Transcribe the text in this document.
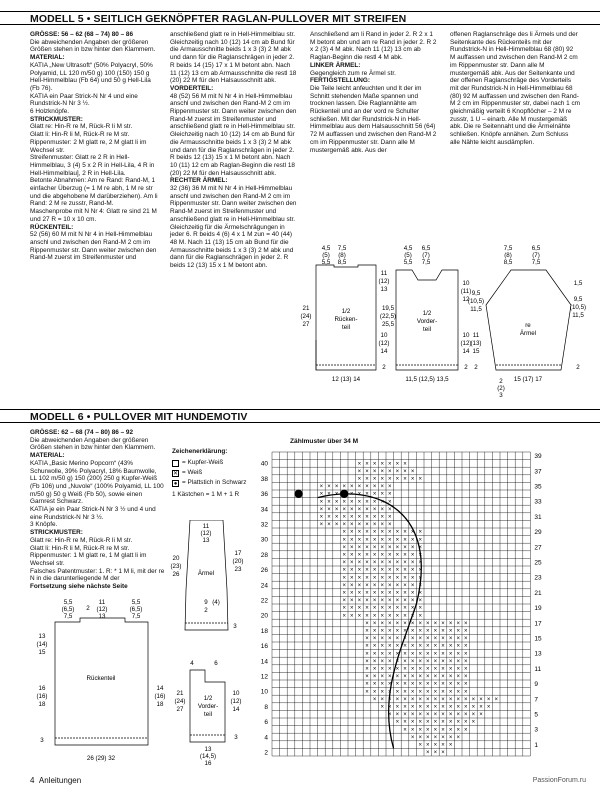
MODELL 5 • SEITLICH GEKNÖPFTER RAGLAN-PULLOVER MIT STREIFEN

GRÖSSE: 56 – 62 (68 – 74) 80 – 86

Die abweichenden Angaben der größeren Größen stehen in bzw hinter den Klammern.

MATERIAL:

KATIA „New Ultrasoft“ (50% Polyacryl, 50% Polyamid, LL 120 m/50 g) 100 (150) 150 g Hell-Himmelblau (Fb 64) und 50 g Hell-Lila (Fb 76).

KATIA ein Paar Strick-N Nr 4 und eine Rundstrick-N Nr 3 ½.

6 Holzknöpfe.

STRICKMUSTER:

Glatt re: Hin-R re M, Rück-R li M str.

Glatt li: Hin-R li M, Rück-R re M str.

Rippenmuster: 2 M glatt re, 2 M glatt li im Wechsel str.

Streifenmuster: Glatt re 2 R in Hell-Himmelblau, 3 (4) 5 x 2 R in Hell-Lila, 4 R in Hell-Himmelblau], 2 R in Hell-Lila.

Betonte Abnahmen: Am re Rand: Rand-M, 1 einfacher Überzug (= 1 M re abh, 1 M re str und die abgehobene M darüberziehen). Am li Rand: 2 M re zusstr, Rand-M.

Maschenprobe mit N Nr 4: Glatt re sind 21 M und 27 R = 10 x 10 cm.

RÜCKENTEIL:

52 (56) 60 M mit N Nr 4 in Hell-Himmelblau anschl und zwischen den Rand-M 2 cm im Rippenmuster str. Dann weiter zwischen den Rand-M zuerst im Streifenmuster und

anschließend glatt re in Hell-Himmelblau str. Gleichzeitig nach 10 (12) 14 cm ab Bund für die Armausschnitte beids 1 x 3 (3) 2 M abk und dann für die Raglanschrägen in jeder 2. R beids 14 (15) 17 x 1 M betont abn. Nach 11 (12) 13 cm ab Armausschnitte die restl 18 (20) 22 M für den Halsausschnitt abk.

VORDERTEIL:

48 (52) 56 M mit N Nr 4 in Hell-Himmelblau anschl und zwischen den Rand-M 2 cm im Rippenmuster str. Dann weiter zwischen den Rand-M zuerst im Streifenmuster und anschließend glatt re in Hell-Himmelblau str. Gleichzeitig nach 10 (12) 14 cm ab Bund für die Armausschnitte beids 1 x 3 (3) 2 M abk und dann für die Raglanschrägen in jeder 2. R beids 12 (13) 15 x 1 M betont abn. Nach 10 (11) 12 cm ab Raglan-Beginn die restl 18 (20) 22 M für den Halsausschnitt abk.

RECHTER ÄRMEL:

32 (36) 36 M mit N Nr 4 in Hell-Himmelblau anschl und zwischen den Rand-M 2 cm im Rippenmuster str. Dann weiter zwischen den Rand-M zuerst im Streifenmuster und anschließend glatt re in Hell-Himmelblau str. Gleichzeitig für die Ärmelschrägungen in jeder 6. R beids 4 (6) 4 x 1 M zun = 40 (44) 48 M. Nach 11 (13) 15 cm ab Bund für die Armausschnitte beids 1 x 3 (3) 2 M abk und dann für die Raglanschrägen in jeder 2. R beids 12 (13) 15 x 1 M betont abn.

Anschließend am li Rand in jeder 2. R 2 x 1 M betont abn und am re Rand in jeder 2. R 2 x 2 (3) 4 M abk. Nach 11 (12) 13 cm ab Raglan-Beginn die restl 4 M abk.

LINKER ÄRMEL:

Gegengleich zum re Ärmel str.

FERTIGSTELLUNG:

Die Teile leicht anfeuchten und lt der im Schnitt stehenden Maße spannen und trocknen lassen. Die Raglannähte am Rückenteil und an der vord re Schulter schließen. Mit der Rundstrick-N in Hell-Himmelblau aus dem Halsausschnitt 56 (64) 72 M auffassen und zwischen den Rand-M 2 cm im Rippenmuster str. Dann alle M mustergemäß abk. Aus der

offenen Raglanschräge des li Ärmels und der Seitenkante des Rückenteils mit der Rundstrick-N in Hell-Himmelblau 68 (80) 92 M auffassen und zwischen den Rand-M 2 cm im Rippenmuster str. Dann alle M mustergemäß abk. Aus der Seitenkante und der offenen Raglanschräge des Vorderteils mit der Rundstrick-N in Hell-Himmelblau 68 (80) 92 M auffassen und zwischen den Rand-M 2 cm im Rippenmuster str, dabei nach 1 cm gleichmäßig verteilt 6 Knopflöcher – 2 M re zusstr, 1 U – einarb. Alle M mustergemäß abk. Die re Seitennaht und die Ärmelnähte schließen. Knöpfe annähen. Zum Schluss alle Nähte leicht ausdämpfen.

1/2
Rücken-
teil
21
(24)
27
11
(12)
13
10
(12)
14
2
12 (13) 14
4,5
(5)
5,5
7,5
(8)
8,5
1/2
Vorder-
teil
19,5
(22,5)
25,5
10
(11)
12
10
(12)
14
2
11,5 (12,5) 13,5
4,5
(5)
5,5
6,5
(7)
7,5
re
Ärmel
9,5
(10,5)
11,5
11
(13)
15
2
7,5
(8)
8,5
6,5
(7)
7,5
1,5
9,5
(10,5)
11,5
2
15 (17) 17
2
(2)
3
MODELL 6 • PULLOVER MIT HUNDEMOTIV

GRÖSSE: 62 – 68 (74 – 80) 86 – 92

Die abweichenden Angaben der größeren Größen stehen in bzw hinter den Klammern.

MATERIAL:

KATIA „Basic Merino Popcorn“ (43% Schurwolle, 39% Polyacryl, 18% Baumwolle, LL 102 m/50 g) 150 (200) 250 g Kupfer-Weiß (Fb 106) und „Nuvole“ (100% Polyamid, LL 100 m/50 g) 50 g Weiß (Fb 50), sowie einen Garnrest Schwarz.

KATIA je ein Paar Strick-N Nr 3 ½ und 4 und eine Rundstrick-N Nr 3 ½.

3 Knöpfe.

STRICKMUSTER:

Glatt re: Hin-R re M, Rück-R li M str.

Glatt li: Hin-R li M, Rück-R re M str.

Rippenmuster: 1 M glatt re, 1 M glatt li im Wechsel str.

Falsches Patentmuster: 1. R: * 1 M li, mit der re N in die darunterliegende M der

Fortsetzung siehe nächste Seite

Zeichenerklärung:
= Kupfer-Weiß
✕ = Weiß
● = Plattstich in Schwarz
1 Kästchen = 1 M + 1 R
Zählmuster über 34 M
× × × × × × ×
× × × × × × × ×
× × × × × × × × ×
× × × × × × × × × ×
× × × × × × × × ×
× × × × × × × × × ×
× × × × × × × × × ×
× × × × × × × × × ×
× × × × × × × × × ×
× × × × × × × × × × ×
× × × × × × × × × × ×
× × × × × × × × × × ×
× × × × × × × × × × ×
× × × × × × × × × × ×
× × × × × × × × × × ×
× × × × × × × × × × ×
× × × × × × × × × × ×
× × × × × × × × × × ×
× × × × × × × × × × ×
× × × × × × × × × × ×
× × × × × × × × × × ×
× × × × × × × × × × × × × ×
× × × × × × × × × × × × × ×
× × × × × × × × × × × × × ×
× × × × × × × × × × × × × ×
× × × × × × × × × × × × × ×
× × × × × × × × × × × × × ×
× × × × × × × × × × × × × ×
× × × × × × × × × × × × × ×
× × × × × × × × × × × × × ×
× × × × × × × × × × × × × ×
× × × × × × × × × × × × × × × × ×
× × × × × × × × × × × × × × ×
× × × × × × × × × × × × ×
× × × × × × × × × × ×
× × × × × × × × ×
× × × × × × ×
× × × × ×
× × ×
40
38
36
34
32
30
28
26
24
22
20
18
16
14
12
10
8
6
4
2
39
37
35
33
31
29
27
25
23
21
19
17
15
13
11
9
7
5
3
1
Ärmel
11
(12)
13
20
(23)
26
17
(20)
23
3
9 (4)
2
Rückenteil
5,5
(6,5)
7,5
5,5
(6,5)
7,5
2
11
(12)
13
13
(14)
15
16
(16)
18
14
(16)
18
3
26 (29) 32
1/2
Vorder-
teil
21
(24)
27
10
(12)
14
3
13
(14,5)
16
4	6
4 Anleitungen	PassionForum.ru
